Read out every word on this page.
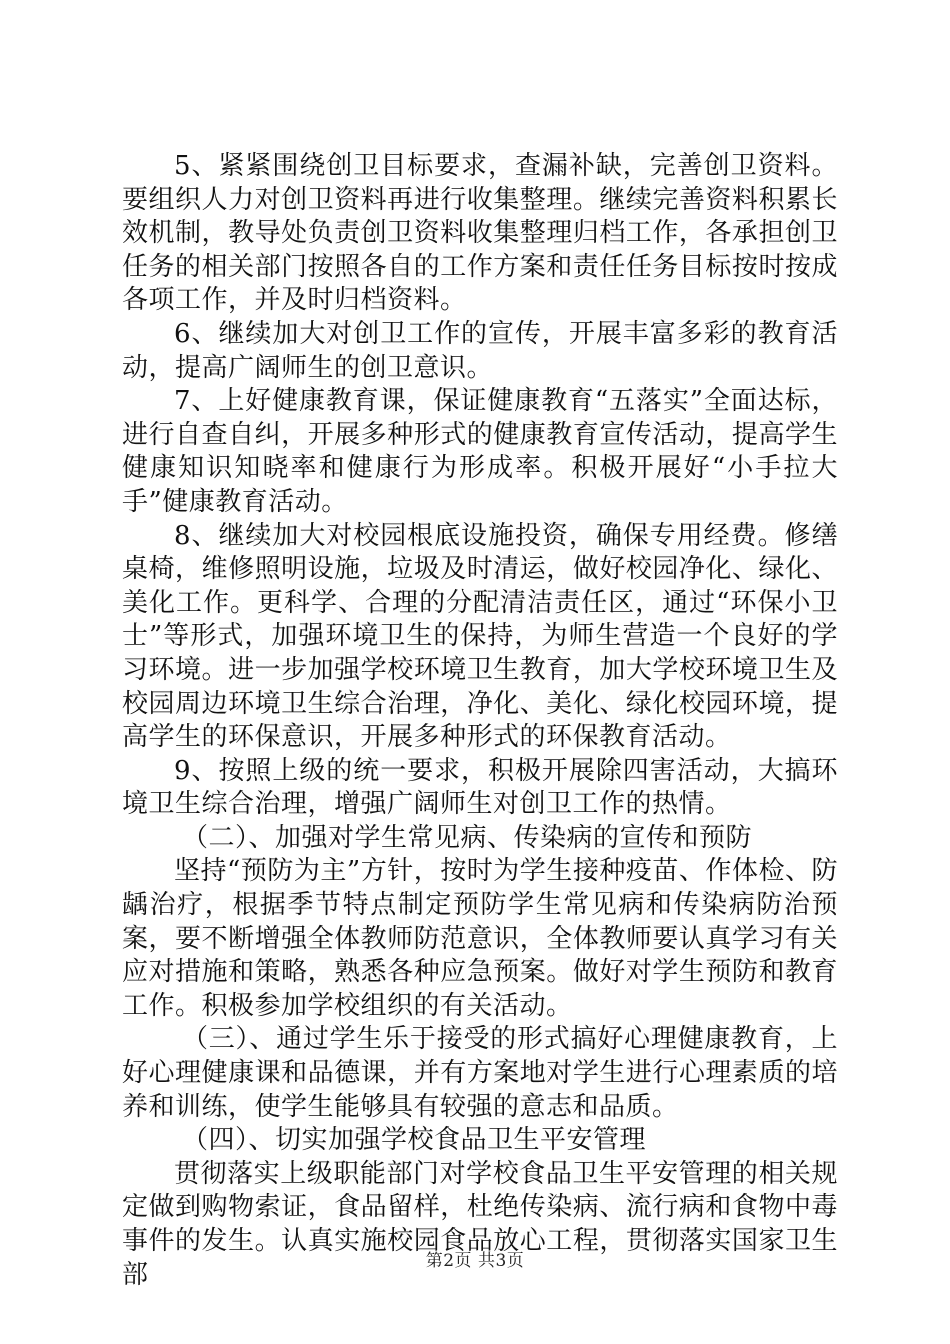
5、紧紧围绕创卫目标要求，查漏补缺，完善创卫资料。要组织人力对创卫资料再进行收集整理。继续完善资料积累长效机制，教导处负责创卫资料收集整理归档工作，各承担创卫任务的相关部门按照各自的工作方案和责任任务目标按时按成各项工作，并及时归档资料。

6、继续加大对创卫工作的宣传，开展丰富多彩的教育活动，提高广阔师生的创卫意识。

7、上好健康教育课，保证健康教育“五落实”全面达标，进行自查自纠，开展多种形式的健康教育宣传活动，提高学生健康知识知晓率和健康行为形成率。积极开展好“小手拉大手”健康教育活动。

8、继续加大对校园根底设施投资，确保专用经费。修缮桌椅，维修照明设施，垃圾及时清运，做好校园净化、绿化、美化工作。更科学、合理的分配清洁责任区，通过“环保小卫士”等形式，加强环境卫生的保持，为师生营造一个良好的学习环境。进一步加强学校环境卫生教育，加大学校环境卫生及校园周边环境卫生综合治理，净化、美化、绿化校园环境，提高学生的环保意识，开展多种形式的环保教育活动。

9、按照上级的统一要求，积极开展除四害活动，大搞环境卫生综合治理，增强广阔师生对创卫工作的热情。

（二）、加强对学生常见病、传染病的宣传和预防

坚持“预防为主”方针，按时为学生接种疫苗、作体检、防龋治疗，根据季节特点制定预防学生常见病和传染病防治预案，要不断增强全体教师防范意识，全体教师要认真学习有关应对措施和策略，熟悉各种应急预案。做好对学生预防和教育工作。积极参加学校组织的有关活动。

（三）、通过学生乐于接受的形式搞好心理健康教育，上好心理健康课和品德课，并有方案地对学生进行心理素质的培养和训练，使学生能够具有较强的意志和品质。

（四）、切实加强学校食品卫生平安管理

贯彻落实上级职能部门对学校食品卫生平安管理的相关规定做到购物索证，食品留样，杜绝传染病、流行病和食物中毒事件的发生。认真实施校园食品放心工程，贯彻落实国家卫生部	第2页 共3页
